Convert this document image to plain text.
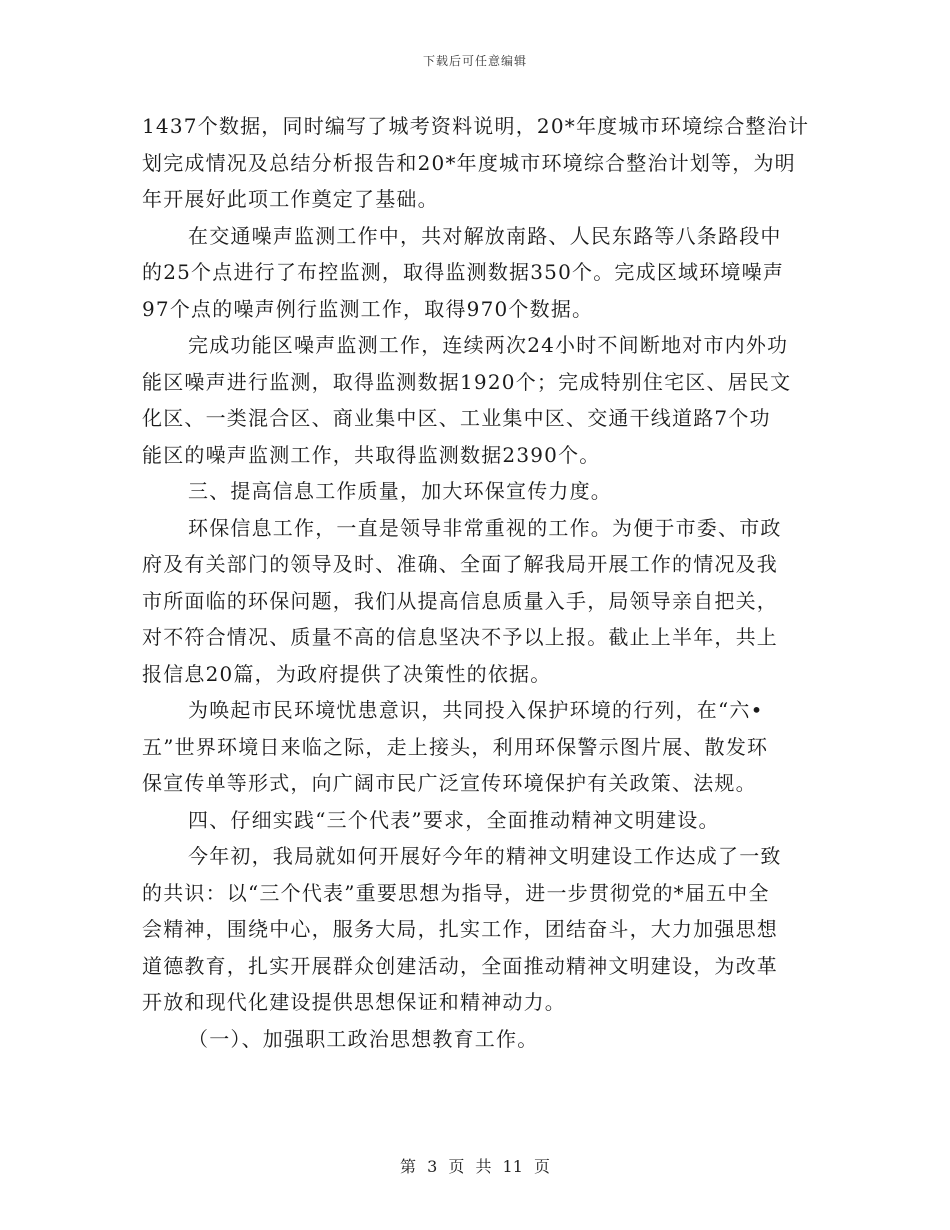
下载后可任意编辑
1437个数据，同时编写了城考资料说明，20*年度城市环境综合整治计
划完成情况及总结分析报告和20*年度城市环境综合整治计划等，为明
年开展好此项工作奠定了基础。
在交通噪声监测工作中，共对解放南路、人民东路等八条路段中
的25个点进行了布控监测，取得监测数据350个。完成区域环境噪声
97个点的噪声例行监测工作，取得970个数据。
完成功能区噪声监测工作，连续两次24小时不间断地对市内外功
能区噪声进行监测，取得监测数据1920个；完成特别住宅区、居民文
化区、一类混合区、商业集中区、工业集中区、交通干线道路7个功
能区的噪声监测工作，共取得监测数据2390个。
三、提高信息工作质量，加大环保宣传力度。
环保信息工作，一直是领导非常重视的工作。为便于市委、市政
府及有关部门的领导及时、准确、全面了解我局开展工作的情况及我
市所面临的环保问题，我们从提高信息质量入手，局领导亲自把关，
对不符合情况、质量不高的信息坚决不予以上报。截止上半年，共上
报信息20篇，为政府提供了决策性的依据。
为唤起市民环境忧患意识，共同投入保护环境的行列，在“六•
五”世界环境日来临之际，走上接头，利用环保警示图片展、散发环
保宣传单等形式，向广阔市民广泛宣传环境保护有关政策、法规。
四、仔细实践“三个代表”要求，全面推动精神文明建设。
今年初，我局就如何开展好今年的精神文明建设工作达成了一致
的共识：以“三个代表”重要思想为指导，进一步贯彻党的*届五中全
会精神，围绕中心，服务大局，扎实工作，团结奋斗，大力加强思想
道德教育，扎实开展群众创建活动，全面推动精神文明建设，为改革
开放和现代化建设提供思想保证和精神动力。
（一）、加强职工政治思想教育工作。
第 3 页 共 11 页
